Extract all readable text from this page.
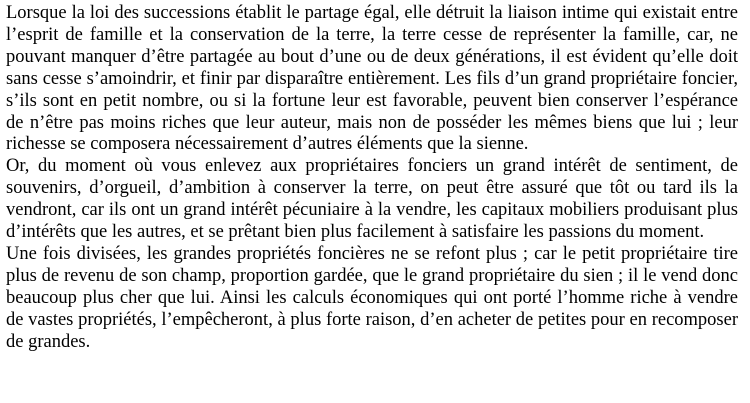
Lorsque la loi des successions établit le partage égal, elle détruit la liaison intime qui existait entre l’esprit de famille et la conservation de la terre, la terre cesse de représenter la famille, car, ne pouvant manquer d’être partagée au bout d’une ou de deux générations, il est évident qu’elle doit sans cesse s’amoindrir, et finir par disparaître entièrement. Les fils d’un grand propriétaire foncier, s’ils sont en petit nombre, ou si la fortune leur est favorable, peuvent bien conserver l’espérance de n’être pas moins riches que leur auteur, mais non de posséder les mêmes biens que lui ; leur richesse se composera nécessairement d’autres éléments que la sienne.

Or, du moment où vous enlevez aux propriétaires fonciers un grand intérêt de sentiment, de souvenirs, d’orgueil, d’ambition à conserver la terre, on peut être assuré que tôt ou tard ils la vendront, car ils ont un grand intérêt pécuniaire à la vendre, les capitaux mobiliers produisant plus d’intérêts que les autres, et se prêtant bien plus facilement à satisfaire les passions du moment.

Une fois divisées, les grandes propriétés foncières ne se refont plus ; car le petit propriétaire tire plus de revenu de son champ, proportion gardée, que le grand propriétaire du sien ; il le vend donc beaucoup plus cher que lui. Ainsi les calculs économiques qui ont porté l’homme riche à vendre de vastes propriétés, l’empêcheront, à plus forte raison, d’en acheter de petites pour en recomposer de grandes.
